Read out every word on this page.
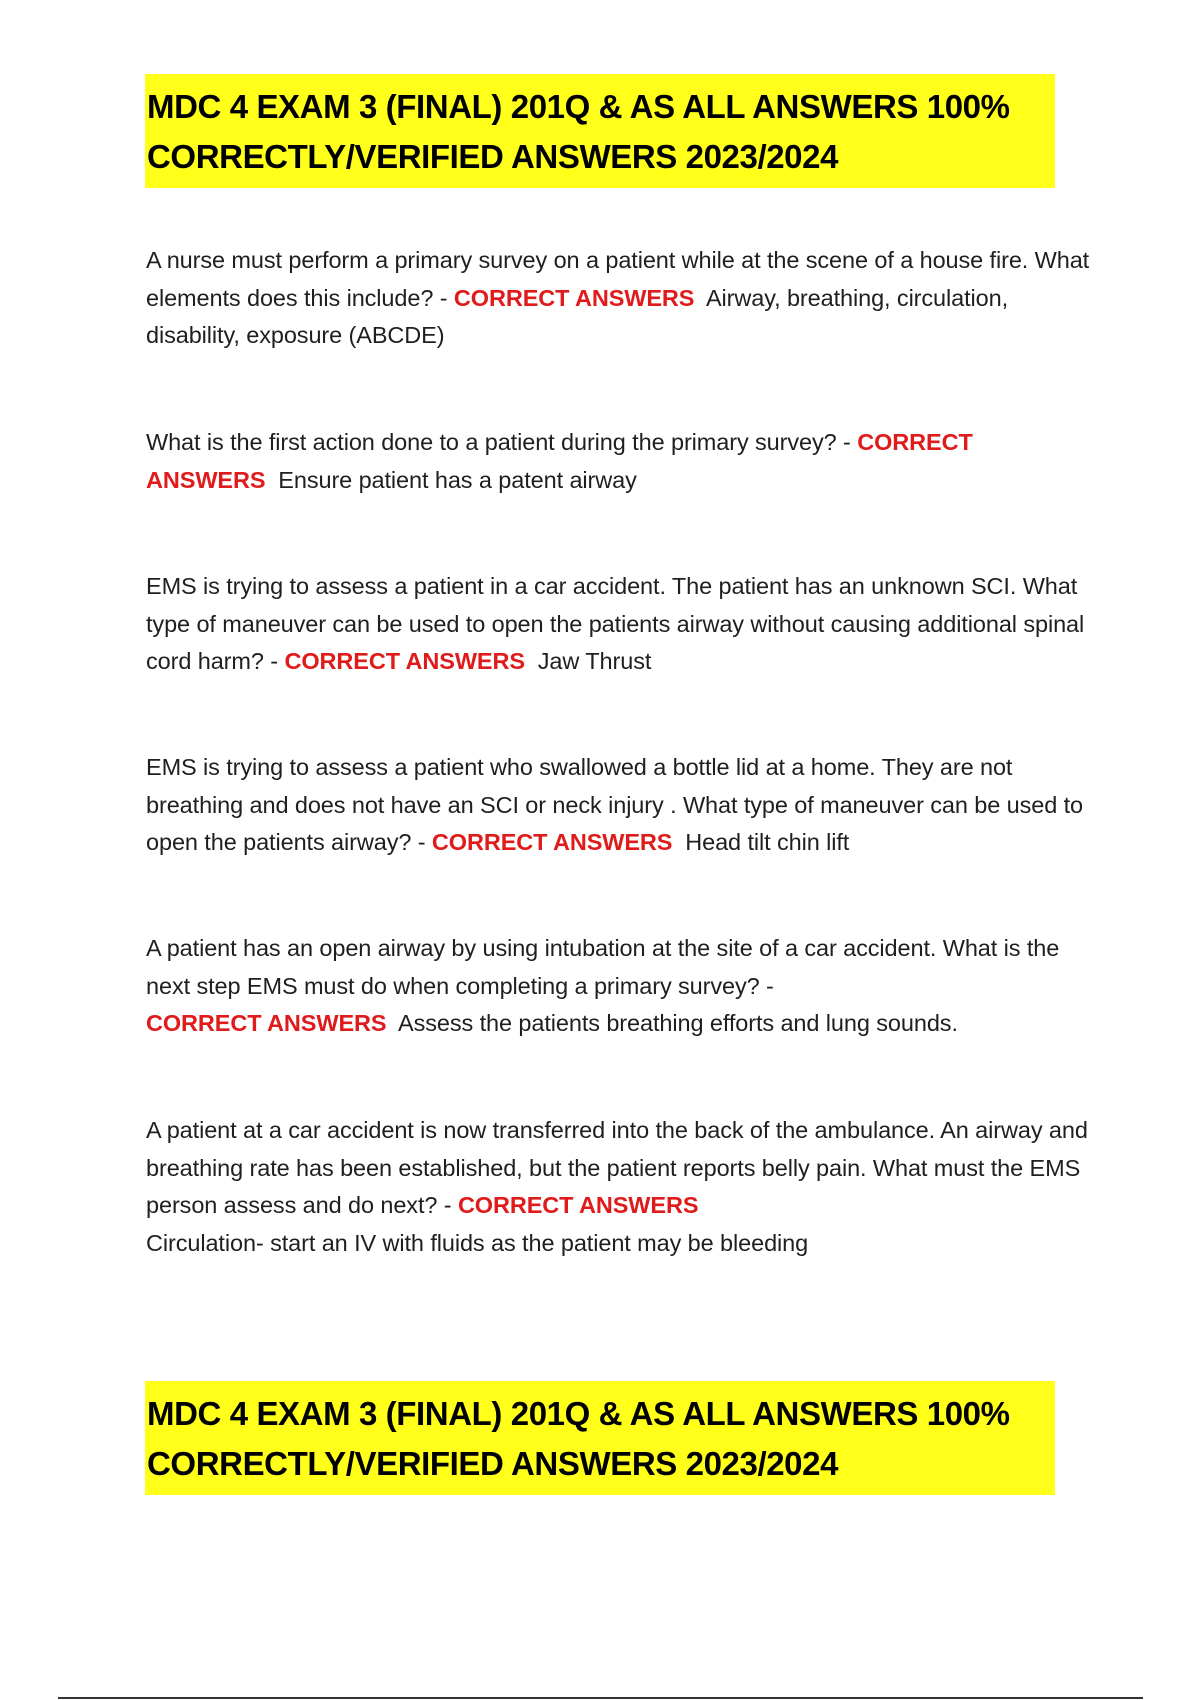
MDC 4 EXAM 3 (FINAL) 201Q & AS ALL ANSWERS 100%
CORRECTLY/VERIFIED ANSWERS 2023/2024

A nurse must perform a primary survey on a patient while at the scene of a house fire. What elements does this include? - CORRECT ANSWERS Airway, breathing, circulation, disability, exposure (ABCDE)

What is the first action done to a patient during the primary survey? - CORRECT ANSWERS Ensure patient has a patent airway

EMS is trying to assess a patient in a car accident. The patient has an unknown SCI. What type of maneuver can be used to open the patients airway without causing additional spinal cord harm? - CORRECT ANSWERS Jaw Thrust

EMS is trying to assess a patient who swallowed a bottle lid at a home. They are not breathing and does not have an SCI or neck injury . What type of maneuver can be used to open the patients airway? - CORRECT ANSWERS Head tilt chin lift

A patient has an open airway by using intubation at the site of a car accident. What is the next step EMS must do when completing a primary survey? -
CORRECT ANSWERS Assess the patients breathing efforts and lung sounds.

A patient at a car accident is now transferred into the back of the ambulance. An airway and breathing rate has been established, but the patient reports belly pain. What must the EMS person assess and do next? - CORRECT ANSWERS
Circulation- start an IV with fluids as the patient may be bleeding

MDC 4 EXAM 3 (FINAL) 201Q & AS ALL ANSWERS 100%
CORRECTLY/VERIFIED ANSWERS 2023/2024
